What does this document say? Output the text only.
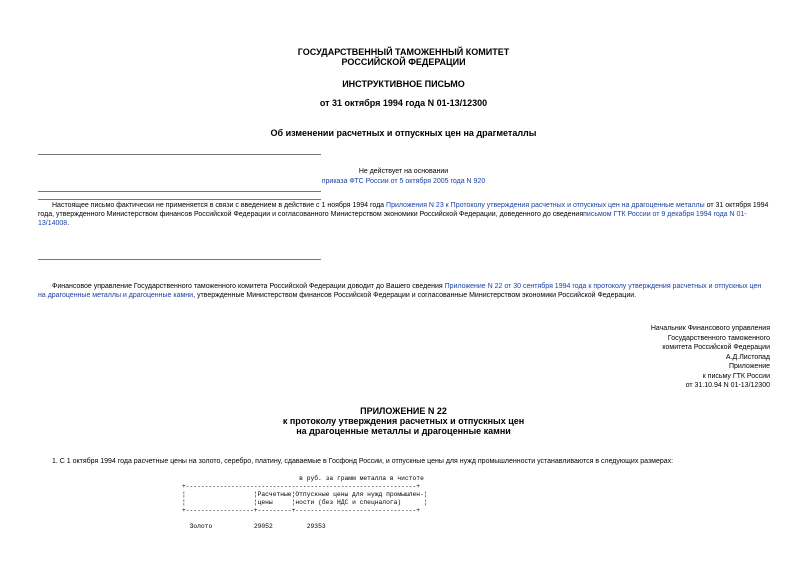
ГОСУДАРСТВЕННЫЙ ТАМОЖЕННЫЙ КОМИТЕТ
РОССИЙСКОЙ ФЕДЕРАЦИИ
ИНСТРУКТИВНОЕ ПИСЬМО
от 31 октября 1994 года N 01-13/12300
Об изменении расчетных и отпускных цен на драгметаллы
Не действует на основании
приказа ФТС России от 5 октября 2005 года N 920
Настоящее письмо фактически не применяется в связи с введением в действие с 1 ноября 1994 года Приложения N 23 к Протоколу утверждения расчетных и отпускных цен на драгоценные металлы от 31 октября 1994 года, утвержденного Министерством финансов Российской Федерации и согласованного Министерством экономики Российской Федерации, доведенного до сведенияписьмом ГТК России от 9 декабря 1994 года N 01-13/14008.
Финансовое управление Государственного таможенного комитета Российской Федерации доводит до Вашего сведения Приложение N 22 от 30 сентября 1994 года к протоколу утверждения расчетных и отпускных цен на драгоценные металлы и драгоценные камни, утвержденные Министерством финансов Российской Федерации и согласованные Министерством экономики Российской Федерации.
Начальник Финансового управления
Государственного таможенного
комитета Российской Федерации
А.Д.Листопад
Приложение
к письму ГТК России
от 31.10.94 N 01-13/12300
ПРИЛОЖЕНИЕ N 22
к протоколу утверждения расчетных и отпускных цен
на драгоценные металлы и драгоценные камни
1. С 1 октября 1994 года расчетные цены на золото, серебро, платину, сдаваемые в Госфонд России, и отпускные цены для нужд промышленности устанавливаются в следующих размерах:
в руб. за грамм металла в чистоте
+-------------------------------------------------------------+
¦                  ¦Расчетные¦Отпускные цены для нужд промышлен-¦
¦                  ¦цены     ¦ности (без НДС и спецналога)	¦
+------------------+---------+--------------------------------+

Золото	29052	29353
